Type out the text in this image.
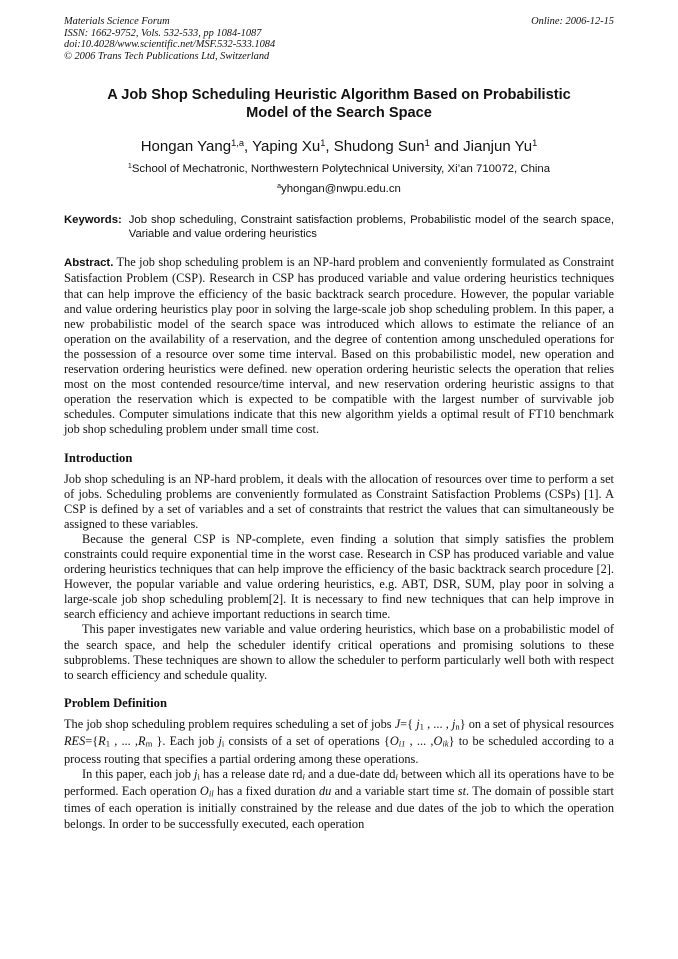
Materials Science Forum	Online: 2006-12-15
ISSN: 1662-9752, Vols. 532-533, pp 1084-1087
doi:10.4028/www.scientific.net/MSF.532-533.1084
© 2006 Trans Tech Publications Ltd, Switzerland
A Job Shop Scheduling Heuristic Algorithm Based on Probabilistic
Model of the Search Space
Hongan Yang$^{1,a}$, Yaping Xu$^1$, Shudong Sun$^1$ and Jianjun Yu$^1$
$^1$School of Mechatronic, Northwestern Polytechnical University, Xi’an 710072, China
$^a$yhongan@nwpu.edu.cn
Keywords: Job shop scheduling, Constraint satisfaction problems, Probabilistic model of the search space, Variable and value ordering heuristics

Abstract. The job shop scheduling problem is an NP-hard problem and conveniently formulated as Constraint Satisfaction Problem (CSP). Research in CSP has produced variable and value ordering heuristics techniques that can help improve the efficiency of the basic backtrack search procedure. However, the popular variable and value ordering heuristics play poor in solving the large-scale job shop scheduling problem. In this paper, a new probabilistic model of the search space was introduced which allows to estimate the reliance of an operation on the availability of a reservation, and the degree of contention among unscheduled operations for the possession of a resource over some time interval. Based on this probabilistic model, new operation and reservation ordering heuristics were defined. new operation ordering heuristic selects the operation that relies most on the most contended resource/time interval, and new reservation ordering heuristic assigns to that operation the reservation which is expected to be compatible with the largest number of survivable job schedules. Computer simulations indicate that this new algorithm yields a optimal result of FT10 benchmark job shop scheduling problem under small time cost.

Introduction

Job shop scheduling is an NP-hard problem, it deals with the allocation of resources over time to perform a set of jobs. Scheduling problems are conveniently formulated as Constraint Satisfaction Problems (CSPs) [1]. A CSP is defined by a set of variables and a set of constraints that restrict the values that can simultaneously be assigned to these variables.

Because the general CSP is NP-complete, even finding a solution that simply satisfies the problem constraints could require exponential time in the worst case. Research in CSP has produced variable and value ordering heuristics techniques that can help improve the efficiency of the basic backtrack search procedure [2]. However, the popular variable and value ordering heuristics, e.g. ABT, DSR, SUM, play poor in solving a large-scale job shop scheduling problem[2]. It is necessary to find new techniques that can help improve in search efficiency and achieve important reductions in search time.

This paper investigates new variable and value ordering heuristics, which base on a probabilistic model of the search space, and help the scheduler identify critical operations and promising solutions to these subproblems. These techniques are shown to allow the scheduler to perform particularly well both with respect to search efficiency and schedule quality.

Problem Definition

The job shop scheduling problem requires scheduling a set of jobs J={ j1 , ... , jn} on a set of physical resources RES={R1 , ... ,Rm }. Each job ji consists of a set of operations {Oi1 , ... ,Oik} to be scheduled according to a process routing that specifies a partial ordering among these operations.

In this paper, each job ji has a release date rdi and a due-date ddi between which all its operations have to be performed. Each operation Oil has a fixed duration du and a variable start time st. The domain of possible start times of each operation is initially constrained by the release and due dates of the job to which the operation belongs. In order to be successfully executed, each operation
